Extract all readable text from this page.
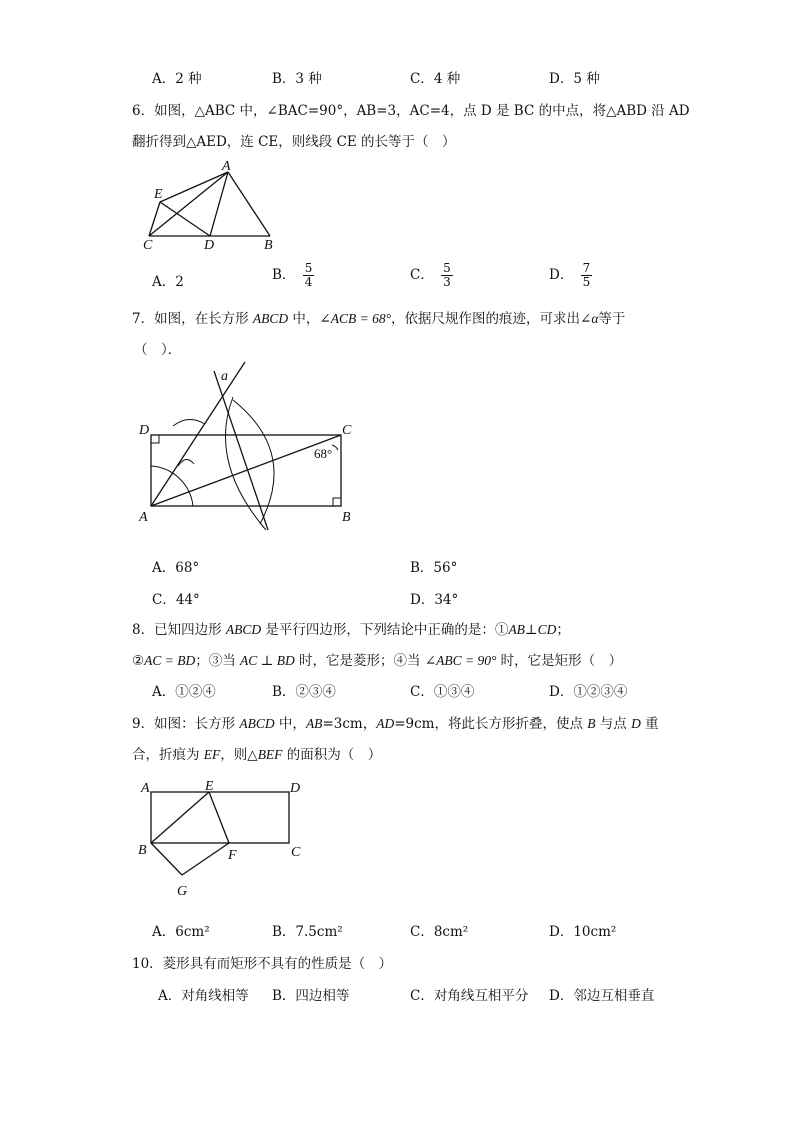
A．2 种	B．3 种	C．4 种	D．5 种
6．如图，△ABC 中，∠BAC=90°，AB=3，AC=4，点 D 是 BC 的中点，将△ABD 沿 AD
翻折得到△AED，连 CE，则线段 CE 的长等于（　）
A
E
C	D	B
A．2	B． $\frac{5}{4}$	C． $\frac{5}{3}$	D． $\frac{7}{5}$
7．如图，在长方形 ABCD 中，∠ACB = 68°，依据尺规作图的痕迹，可求出∠α等于
（　）．
a
D	C
A	B
68°
A．68°	B．56°
C．44°	D．34°
8．已知四边形 ABCD 是平行四边形，下列结论中正确的是：①AB⊥CD；
②AC = BD；③当 AC ⊥ BD 时，它是菱形；④当 ∠ABC = 90° 时，它是矩形（　）
A．①②④	B．②③④	C．①③④	D．①②③④
9．如图：长方形 ABCD 中，AB=3cm，AD=9cm，将此长方形折叠，使点 B 与点 D 重
合，折痕为 EF，则△BEF 的面积为（　）
A	E	D
B	F	C
G
A．6cm²	B．7.5cm²	C．8cm²	D．10cm²
10．菱形具有而矩形不具有的性质是（　）
A．对角线相等 B．四边相等	C．对角线互相平分 D．邻边互相垂直
